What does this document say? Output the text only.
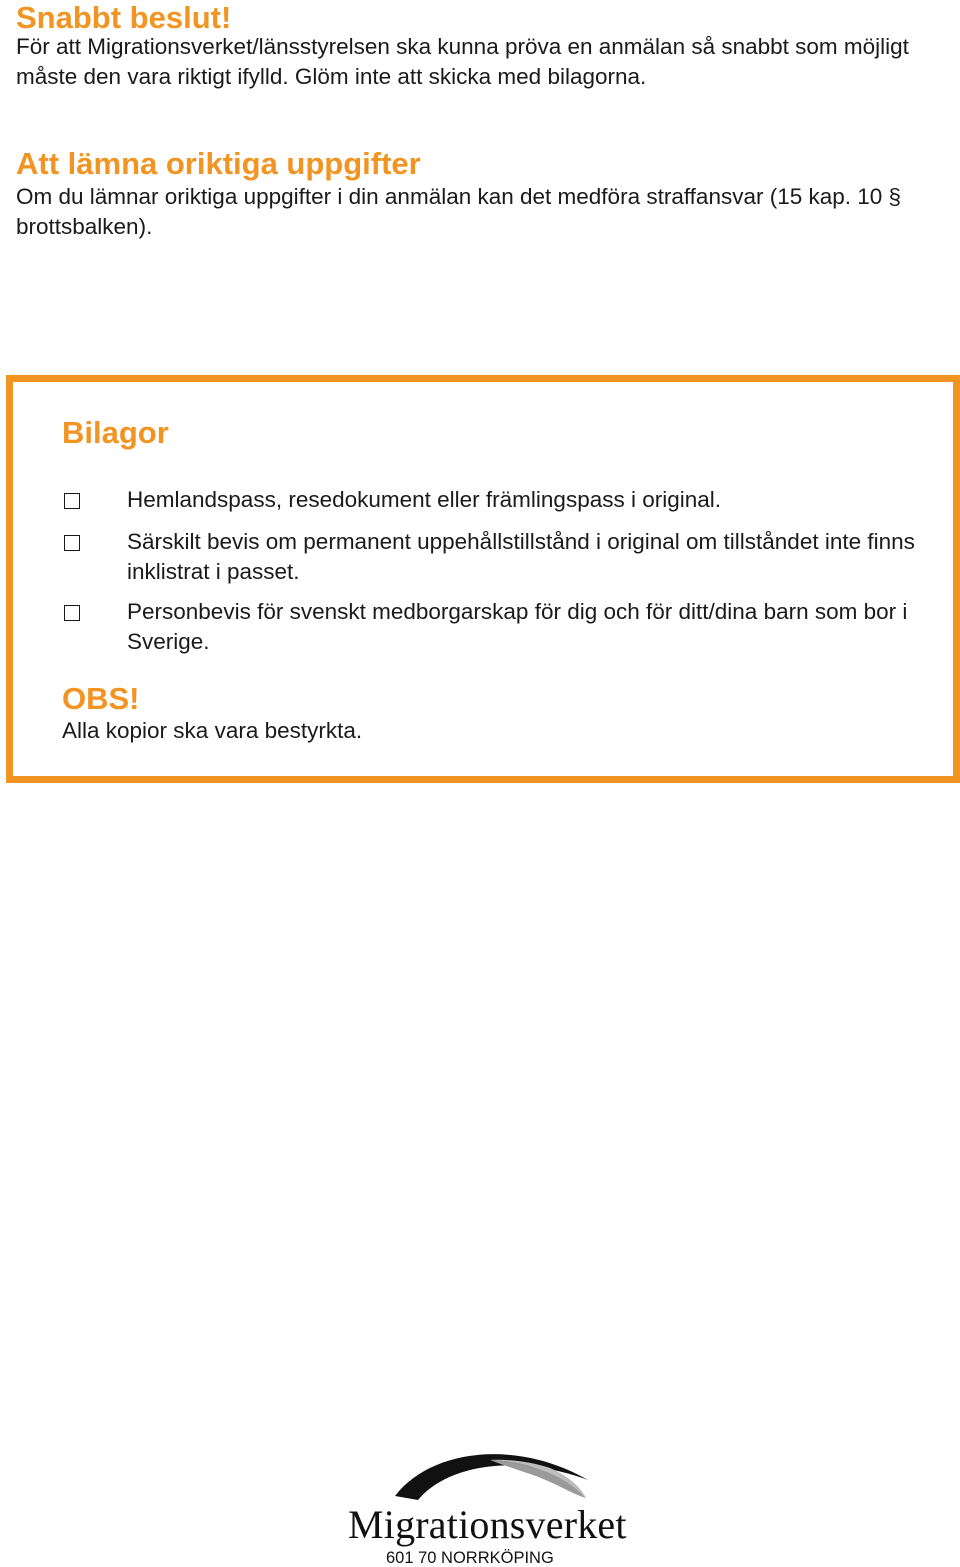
Snabbt beslut!

För att Migrationsverket/länsstyrelsen ska kunna pröva en anmälan så snabbt som möjligt måste den vara riktigt ifylld. Glöm inte att skicka med bilagorna.

Att lämna oriktiga uppgifter

Om du lämnar oriktiga uppgifter i din anmälan kan det medföra straffansvar (15 kap. 10 § brottsbalken).

Bilagor
Hemlandspass, resedokument eller främlingspass i original.
Särskilt bevis om permanent uppehållstillstånd i original om tillståndet inte finns inklistrat i passet.
Personbevis för svenskt medborgarskap för dig och för ditt/dina barn som bor i Sverige.
OBS!

Alla kopior ska vara bestyrkta.

Migrationsverket
601 70 NORRKÖPING
